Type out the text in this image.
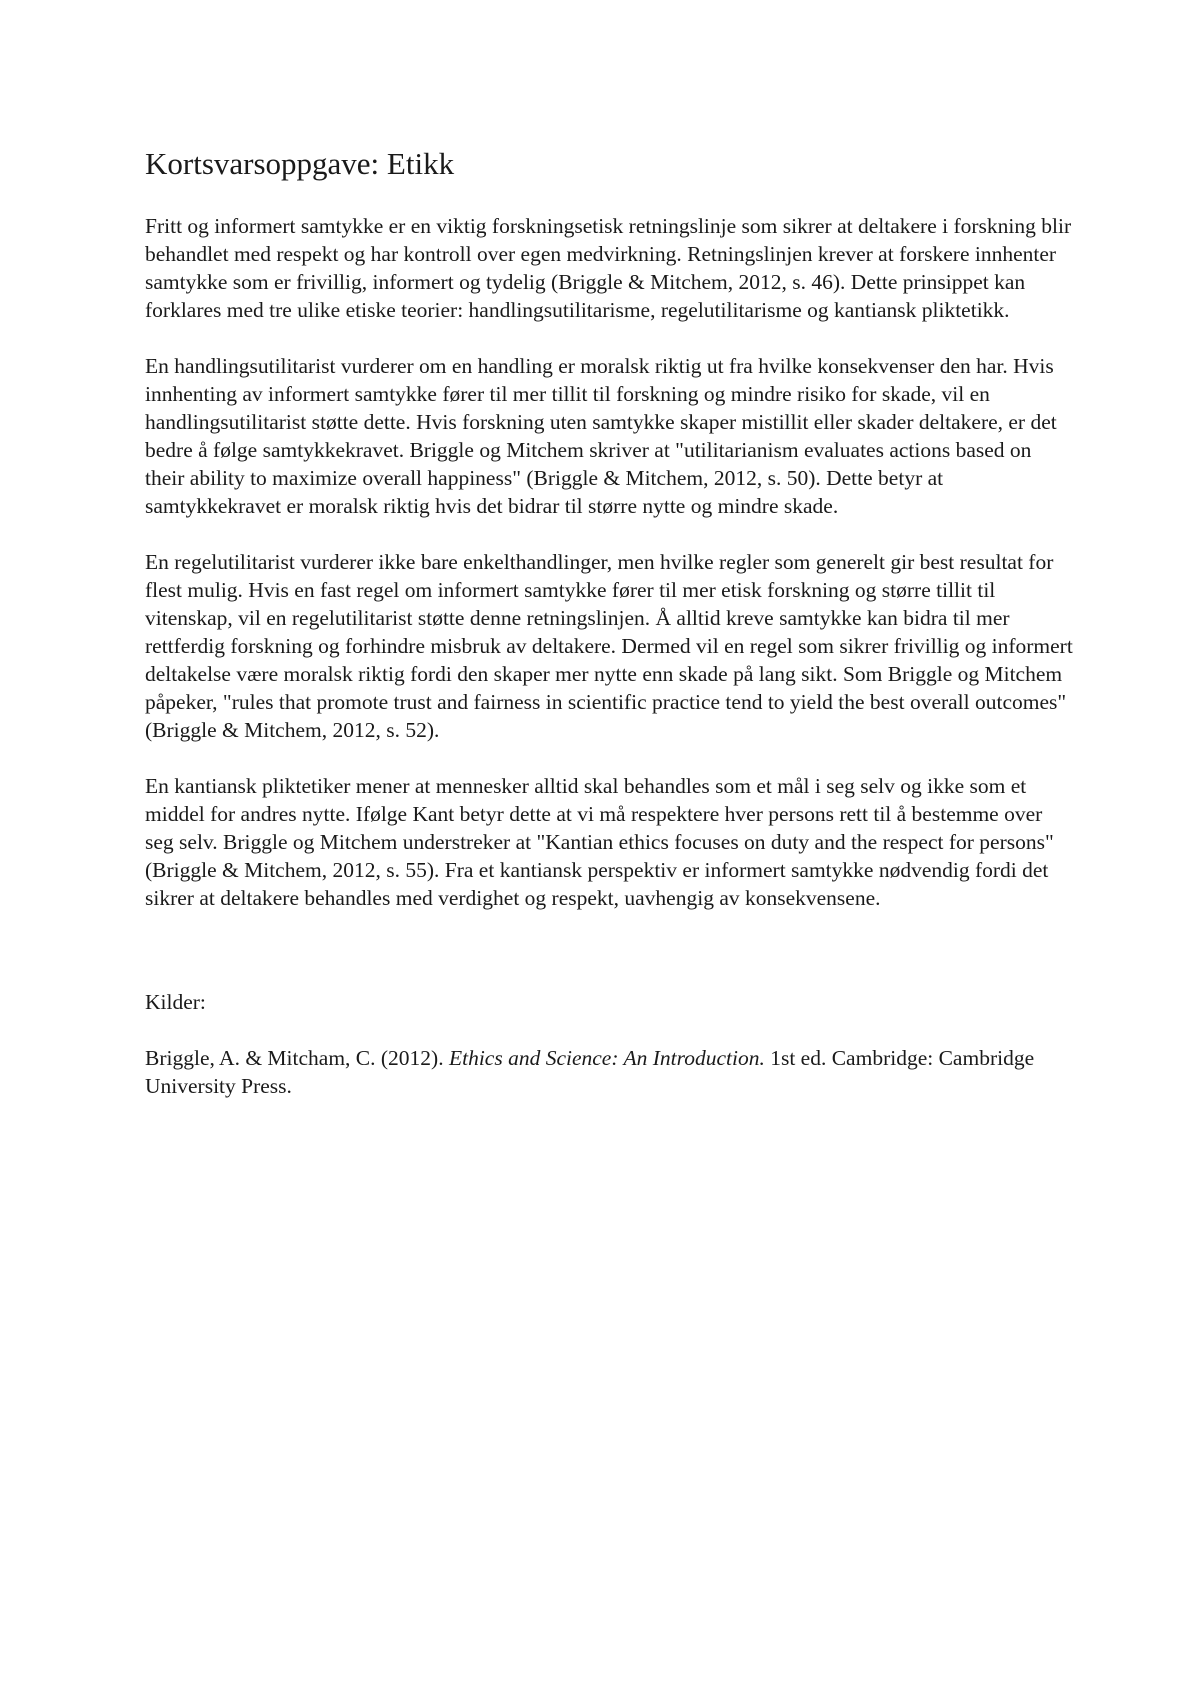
Kortsvarsoppgave: Etikk

Fritt og informert samtykke er en viktig forskningsetisk retningslinje som sikrer at deltakere i forskning blir behandlet med respekt og har kontroll over egen medvirkning. Retningslinjen krever at forskere innhenter samtykke som er frivillig, informert og tydelig (Briggle & Mitchem, 2012, s. 46). Dette prinsippet kan forklares med tre ulike etiske teorier: handlingsutilitarisme, regelutilitarisme og kantiansk pliktetikk.

En handlingsutilitarist vurderer om en handling er moralsk riktig ut fra hvilke konsekvenser den har. Hvis innhenting av informert samtykke fører til mer tillit til forskning og mindre risiko for skade, vil en handlingsutilitarist støtte dette. Hvis forskning uten samtykke skaper mistillit eller skader deltakere, er det bedre å følge samtykkekravet. Briggle og Mitchem skriver at "utilitarianism evaluates actions based on their ability to maximize overall happiness" (Briggle & Mitchem, 2012, s. 50). Dette betyr at samtykkekravet er moralsk riktig hvis det bidrar til større nytte og mindre skade.

En regelutilitarist vurderer ikke bare enkelthandlinger, men hvilke regler som generelt gir best resultat for flest mulig. Hvis en fast regel om informert samtykke fører til mer etisk forskning og større tillit til vitenskap, vil en regelutilitarist støtte denne retningslinjen. Å alltid kreve samtykke kan bidra til mer rettferdig forskning og forhindre misbruk av deltakere. Dermed vil en regel som sikrer frivillig og informert deltakelse være moralsk riktig fordi den skaper mer nytte enn skade på lang sikt. Som Briggle og Mitchem påpeker, "rules that promote trust and fairness in scientific practice tend to yield the best overall outcomes" (Briggle & Mitchem, 2012, s. 52).

En kantiansk pliktetiker mener at mennesker alltid skal behandles som et mål i seg selv og ikke som et middel for andres nytte. Ifølge Kant betyr dette at vi må respektere hver persons rett til å bestemme over seg selv. Briggle og Mitchem understreker at "Kantian ethics focuses on duty and the respect for persons" (Briggle & Mitchem, 2012, s. 55). Fra et kantiansk perspektiv er informert samtykke nødvendig fordi det sikrer at deltakere behandles med verdighet og respekt, uavhengig av konsekvensene.

Kilder:

Briggle, A. & Mitcham, C. (2012). Ethics and Science: An Introduction. 1st ed. Cambridge: Cambridge University Press.
